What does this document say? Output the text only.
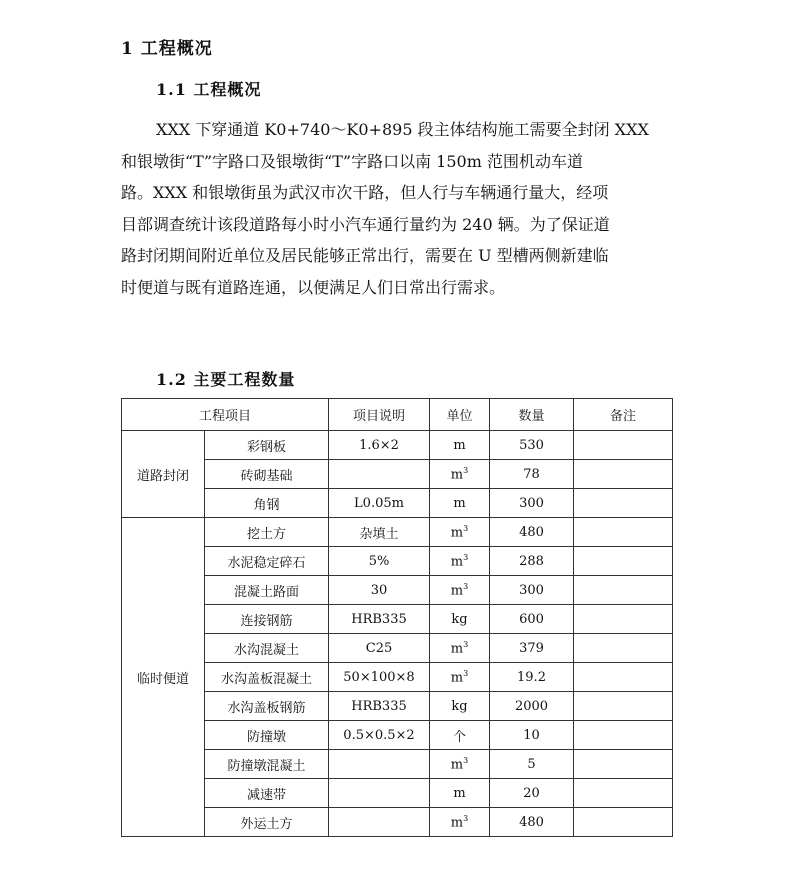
1 工程概况
1.1 工程概况

XXX 下穿通道 K0+740～K0+895 段主体结构施工需要全封闭 XXX
和银墩街“T”字路口及银墩街“T”字路口以南 150m 范围机动车道
路。XXX 和银墩街虽为武汉市次干路，但人行与车辆通行量大，经项
目部调查统计该段道路每小时小汽车通行量约为 240 辆。为了保证道
路封闭期间附近单位及居民能够正常出行，需要在 U 型槽两侧新建临
时便道与既有道路连通，以便满足人们日常出行需求。

1.2 主要工程数量
工程项目		项目说明	单位	数量	备注
道路封闭	彩钢板	1.6×2	m	530	
	砖砌基础		$m^3$	78	
	角钢	L0.05m	m	300	
临时便道	挖土方	杂填土	$m^3$	480	
	水泥稳定碎石	5%	$m^3$	288	
	混凝土路面	30	$m^3$	300	
	连接钢筋	HRB335	kg	600	
	水沟混凝土	C25	$m^3$	379	
	水沟盖板混凝土	50×100×8	$m^3$	19.2	
	水沟盖板钢筋	HRB335	kg	2000	
	防撞墩	0.5×0.5×2	个	10	
	防撞墩混凝土		$m^3$	5	
	减速带		m	20	
	外运土方		$m^3$	480	
